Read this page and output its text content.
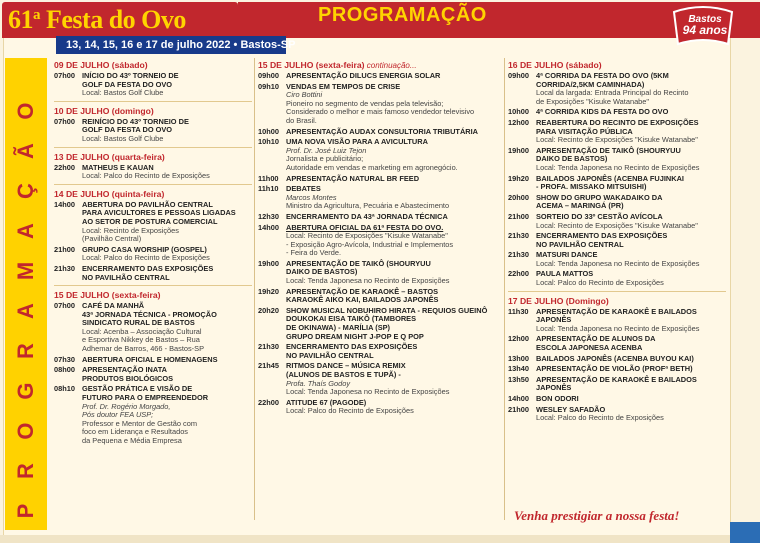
61$^a$ Festa do Ovo	PROGRAMAÇÃO
13, 14, 15, 16 e 17 de julho 2022 • Bastos-SP
Bastos
94 anos
P
R
O
G
R
A
M
A
Ç
Ã
O
09 DE JULHO (sábado)
07h00 INÍCIO DO 43º TORNEIO DE
GOLF DA FESTA DO OVO
Local: Bastos Golf Clube
10 DE JULHO (domingo)
07h00 REINÍCIO DO 43º TORNEIO DE
GOLF DA FESTA DO OVO
Local: Bastos Golf Clube
13 DE JULHO (quarta-feira)
22h00 MATHEUS E KAUAN
Local: Palco do Recinto de Exposições
14 DE JULHO (quinta-feira)
14h00 ABERTURA DO PAVILHÃO CENTRAL
PARA AVICULTORES E PESSOAS LIGADAS
AO SETOR DE POSTURA COMERCIAL
Local: Recinto de Exposições
(Pavilhão Central)
21h00 GRUPO CASA WORSHIP (GOSPEL)
Local: Palco do Recinto de Exposições
21h30 ENCERRAMENTO DAS EXPOSIÇÕES
NO PAVILHÃO CENTRAL
15 DE JULHO (sexta-feira)
07h00 CAFÉ DA MANHÃ
43ª JORNADA TÉCNICA - PROMOÇÃO
SINDICATO RURAL DE BASTOS
Local: Acenba – Associação Cultural
e Esportiva Nikkey de Bastos – Rua
Adhemar de Barros, 466 - Bastos-SP
07h30 ABERTURA OFICIAL E HOMENAGENS
08h00 APRESENTAÇÃO INATA
PRODUTOS BIOLÓGICOS
08h10 GESTÃO PRÁTICA E VISÃO DE
FUTURO PARA O EMPREENDEDOR
Prof. Dr. Rogério Morgado,
Pós doutor FEA USP;
Professor e Mentor de Gestão com
foco em Liderança e Resultados
da Pequena e Média Empresa
15 DE JULHO (sexta-feira) continuação...
09h00 APRESENTAÇÃO DILUCS ENERGIA SOLAR
09h10 VENDAS EM TEMPOS DE CRISE
Ciro Bottini
Pioneiro no segmento de vendas pela televisão;
Considerado o melhor e mais famoso vendedor televisivo
do Brasil.
10h00 APRESENTAÇÃO AUDAX CONSULTORIA TRIBUTÁRIA
10h10 UMA NOVA VISÃO PARA A AVICULTURA
Prof. Dr. José Luiz Tejon
Jornalista e publicitário;
Autoridade em vendas e marketing em agronegócio.
11h00	APRESENTAÇÃO NATURAL BR FEED
11h10	DEBATES
Marcos Montes
Ministro da Agricultura, Pecuária e Abastecimento
12h30 ENCERRAMENTO DA 43ª JORNADA TÉCNICA
14h00 ABERTURA OFICIAL DA 61ª FESTA DO OVO.
Local: Recinto de Exposições "Kisuke Watanabe"
- Exposição Agro-Avícola, Industrial e Implementos
- Feira do Verde.
19h00 APRESENTAÇÃO DE TAIKÔ (SHOURYUU
DAIKO DE BASTOS)
Local: Tenda Japonesa no Recinto de Exposições
19h20 APRESENTAÇÃO DE KARAOKÊ – BASTOS
KARAOKÊ AIKO KAI, BAILADOS JAPONÊS
20h20 SHOW MUSICAL NOBUHIRO HIRATA - REQUIOS GUEINÔ
DOUKOKAI EISA TAIKÔ (TAMBORES
DE OKINAWA) - MARÍLIA (SP)
GRUPO DREAM NIGHT J-POP E Q POP
21h30 ENCERRAMENTO DAS EXPOSIÇÕES
NO PAVILHÃO CENTRAL
21h45 RITMOS DANCE – MÚSICA REMIX
(ALUNOS DE BASTOS E TUPÃ) -
Profa. Thaís Godoy
Local: Tenda Japonesa no Recinto de Exposições
22h00 ATITUDE 67 (PAGODE)
Local: Palco do Recinto de Exposições
16 DE JULHO (sábado)
09h00 4ª CORRIDA DA FESTA DO OVO (5KM
CORRIDA/2,5KM CAMINHADA)
Local da largada: Entrada Principal do Recinto
de Exposições "Kisuke Watanabe"
10h00 4ª CORRIDA KIDS DA FESTA DO OVO
12h00 REABERTURA DO RECINTO DE EXPOSIÇÕES
PARA VISITAÇÃO PÚBLICA
Local: Recinto de Exposições "Kisuke Watanabe"
19h00 APRESENTAÇÃO DE TAIKÔ (SHOURYUU
DAIKO DE BASTOS)
Local: Tenda Japonesa no Recinto de Exposições
19h20 BAILADOS JAPONÊS (ACENBA FUJINKAI
- PROFA. MISSAKO MITSUISHI)
20h00 SHOW DO GRUPO WAKADAIKO DA
ACEMA – MARINGÁ (PR)
21h00 SORTEIO DO 33º CESTÃO AVÍCOLA
Local: Recinto de Exposições "Kisuke Watanabe"
21h30 ENCERRAMENTO DAS EXPOSIÇÕES
NO PAVILHÃO CENTRAL
21h30 MATSURI DANCE
Local: Tenda Japonesa no Recinto de Exposições
22h00 PAULA MATTOS
Local: Palco do Recinto de Exposições
17 DE JULHO (Domingo)
11h30	APRESENTAÇÃO DE KARAOKÊ E BAILADOS JAPONÊS
Local: Tenda Japonesa no Recinto de Exposições
12h00 APRESENTAÇÃO DE ALUNOS DA
ESCOLA JAPONESA ACENBA
13h00 BAILADOS JAPONÊS (ACENBA BUYOU KAI)
13h40 APRESENTAÇÃO DE VIOLÃO (PROFª BETH)
13h50 APRESENTAÇÃO DE KARAOKÊ E BAILADOS JAPONÊS
14h00 BON ODORI
21h00 WESLEY SAFADÃO
Local: Palco do Recinto de Exposições
Venha prestigiar a nossa festa!
